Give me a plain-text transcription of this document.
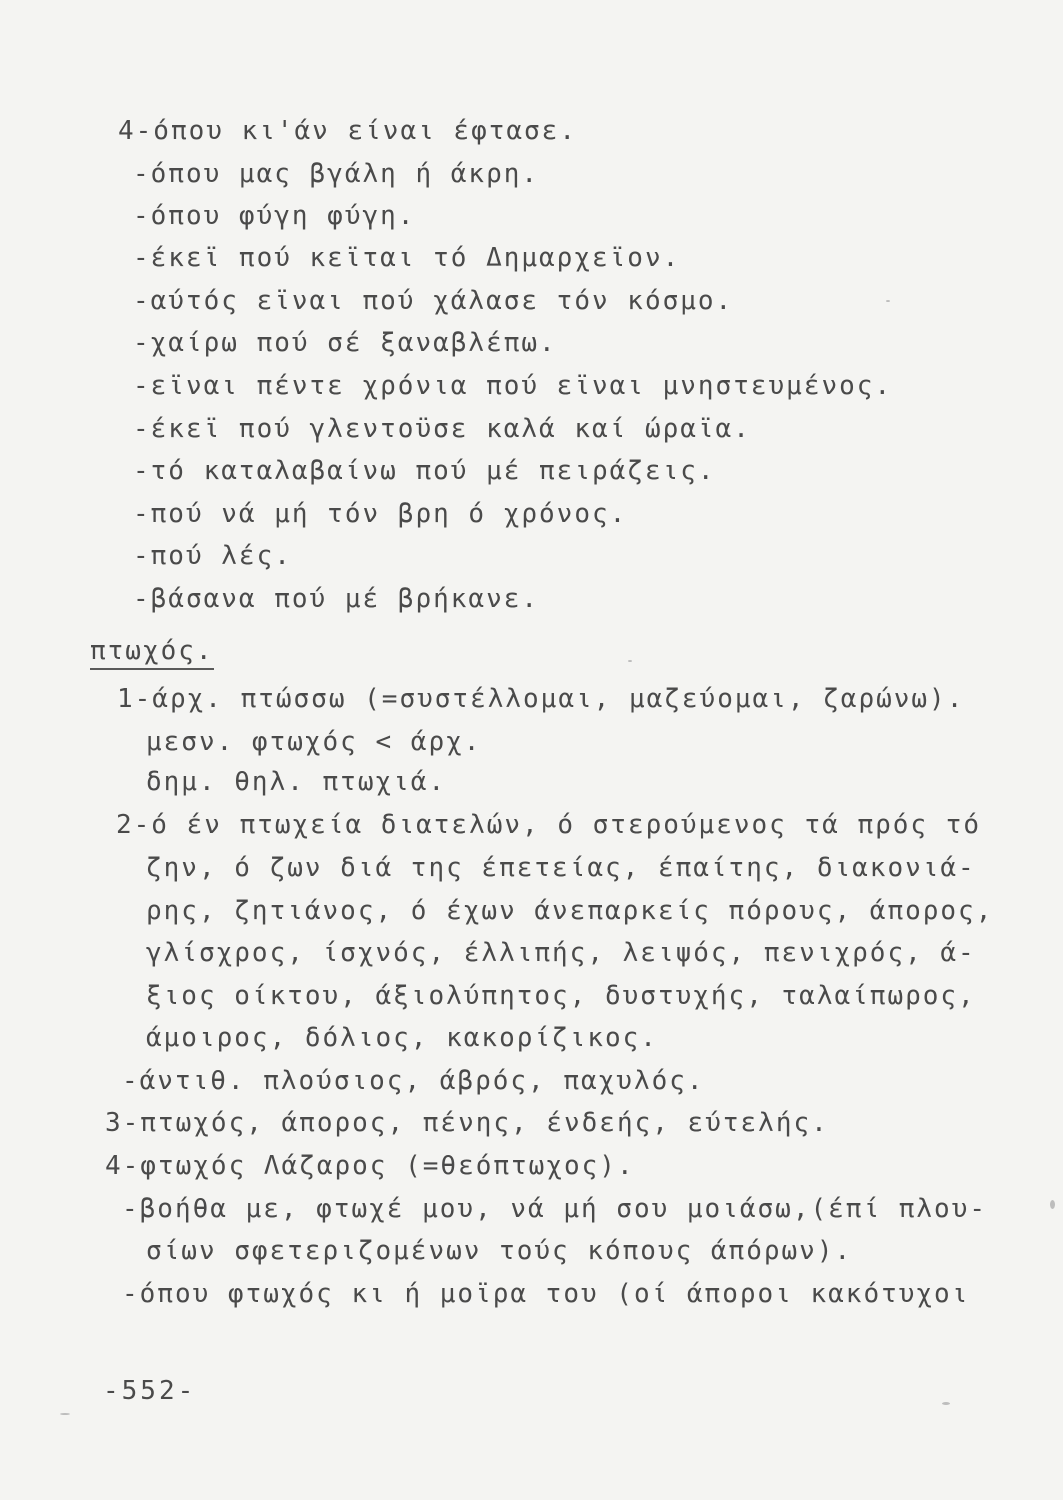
4-όπου κι'άν είναι έφτασε.
-όπου μας βγάλη ή άκρη.
-όπου φύγη φύγη.
-έκεϊ πού κεϊται τό Δημαρχεϊον.
-αύτός εϊναι πού χάλασε τόν κόσμο.
-χαίρω πού σέ ξαναβλέπω.
-εϊναι πέντε χρόνια πού εϊναι μνηστευμένος.
-έκεϊ πού γλεντοϋσε καλά καί ώραϊα.
-τό καταλαβαίνω πού μέ πειράζεις.
-πού νά μή τόν βρη ό χρόνος.
-πού λές.
-βάσανα πού μέ βρήκανε.
πτωχός.
1-άρχ. πτώσσω (=συστέλλομαι, μαζεύομαι, ζαρώνω).
μεσν. φτωχός < άρχ.
δημ. θηλ. πτωχιά.
2-ό έν πτωχεία διατελών, ό στερούμενος τά πρός τό
ζην, ό ζων διά της έπετείας, έπαίτης, διακονιά-
ρης, ζητιάνος, ό έχων άνεπαρκείς πόρους, άπορος,
γλίσχρος, ίσχνός, έλλιπής, λειψός, πενιχρός, ά-
ξιος οίκτου, άξιολύπητος, δυστυχής, ταλαίπωρος,
άμοιρος, δόλιος, κακορίζικος.
-άντιθ. πλούσιος, άβρός, παχυλός.
3-πτωχός, άπορος, πένης, ένδεής, εύτελής.
4-φτωχός Λάζαρος (=θεόπτωχος).
-βοήθα με, φτωχέ μου, νά μή σου μοιάσω,(έπί πλου-
σίων σφετεριζομένων τούς κόπους άπόρων).
-όπου φτωχός κι ή μοϊρα του (οί άποροι κακότυχοι
-552-
